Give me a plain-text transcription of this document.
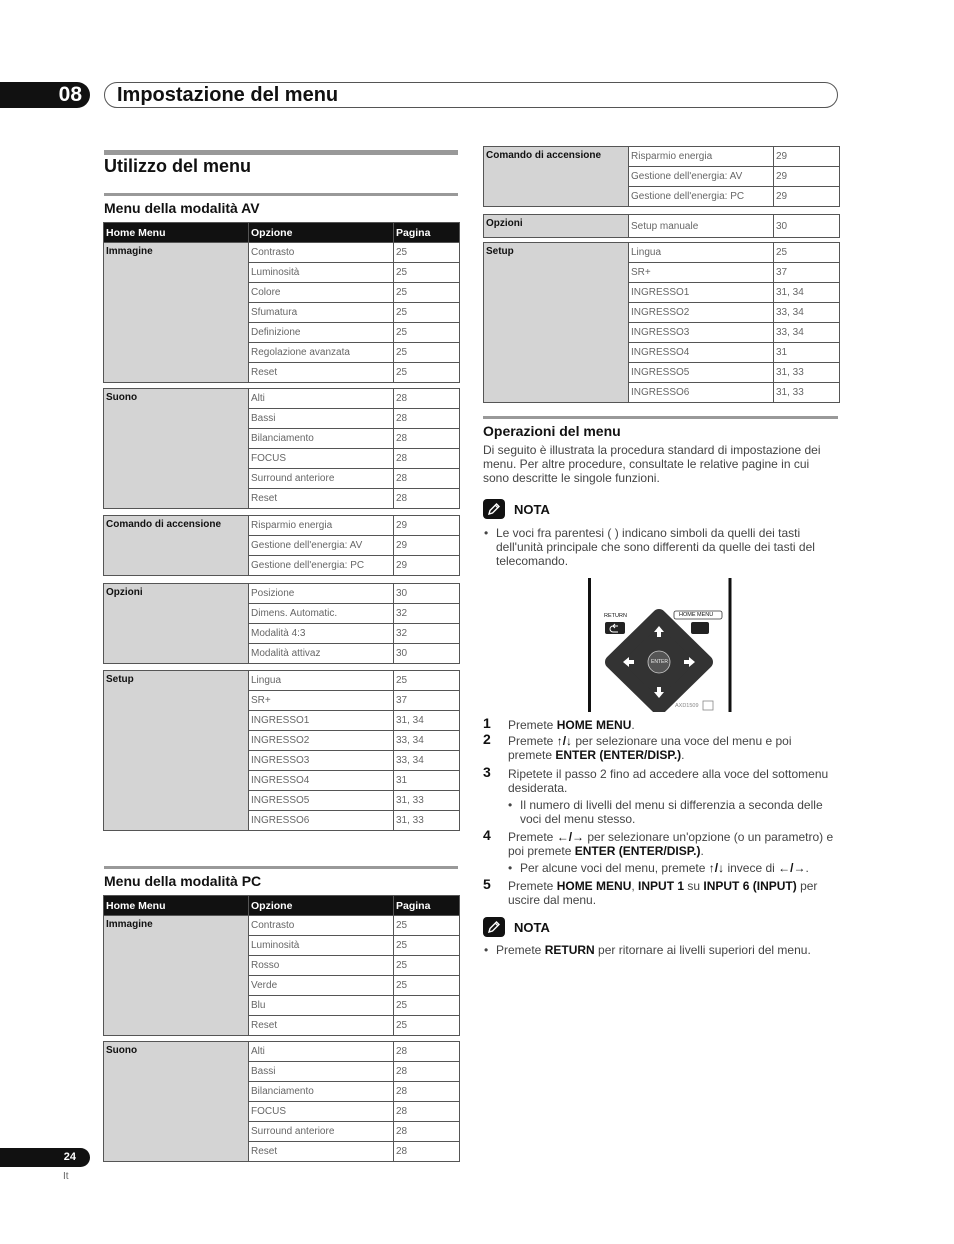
08	Impostazione del menu
Utilizzo del menu
Menu della modalità AV
Home Menu	Opzione	Pagina
Immagine	Contrasto	25
	Luminosità	25
	Colore	25
	Sfumatura	25
	Definizione	25
	Regolazione avanzata	25
	Reset	25
Suono	Alti	28
	Bassi	28
	Bilanciamento	28
	FOCUS	28
	Surround anteriore	28
	Reset	28
Comando di accensione	Risparmio energia	29
	Gestione dell'energia: AV	29
	Gestione dell'energia: PC	29
Opzioni	Posizione	30
	Dimens. Automatic.	32
	Modalità 4:3	32
	Modalità attivaz	30
Setup	Lingua	25
	SR+	37
	INGRESSO1	31, 34
	INGRESSO2	33, 34
	INGRESSO3	33, 34
	INGRESSO4	31
	INGRESSO5	31, 33
	INGRESSO6	31, 33
Menu della modalità PC
Home Menu	Opzione	Pagina
Immagine	Contrasto	25
	Luminosità	25
	Rosso	25
	Verde	25
	Blu	25
	Reset	25
Suono	Alti	28
	Bassi	28
	Bilanciamento	28
	FOCUS	28
	Surround anteriore	28
	Reset	28
Comando di accensione	Risparmio energia	29
	Gestione dell'energia: AV	29
	Gestione dell'energia: PC	29
Opzioni	Setup manuale	30
Setup	Lingua	25
	SR+	37
	INGRESSO1	31, 34
	INGRESSO2	33, 34
	INGRESSO3	33, 34
	INGRESSO4	31
	INGRESSO5	31, 33
	INGRESSO6	31, 33
Operazioni del menu
Di seguito è illustrata la procedura standard di impostazione dei menu. Per altre procedure, consultate le relative pagine in cui sono descritte le singole funzioni.
NOTA
• Le voci fra parentesi ( ) indicano simboli da quelli dei tasti dell'unità principale che sono differenti da quelle dei tasti del telecomando.
RETURN	HOME MENU
ENTER
AXD1509
1 Premete HOME MENU.
2 Premete ↑/↓ per selezionare una voce del menu e poi premete ENTER (ENTER/DISP.).
3 Ripetete il passo 2 fino ad accedere alla voce del sottomenu desiderata.
• Il numero di livelli del menu si differenzia a seconda delle voci del menu stesso.
4 Premete ←/→ per selezionare un'opzione (o un parametro) e poi premete ENTER (ENTER/DISP.).
• Per alcune voci del menu, premete ↑/↓ invece di ←/→.
5 Premete HOME MENU, INPUT 1 su INPUT 6 (INPUT) per uscire dal menu.
NOTA
• Premete RETURN per ritornare ai livelli superiori del menu.
24
It
